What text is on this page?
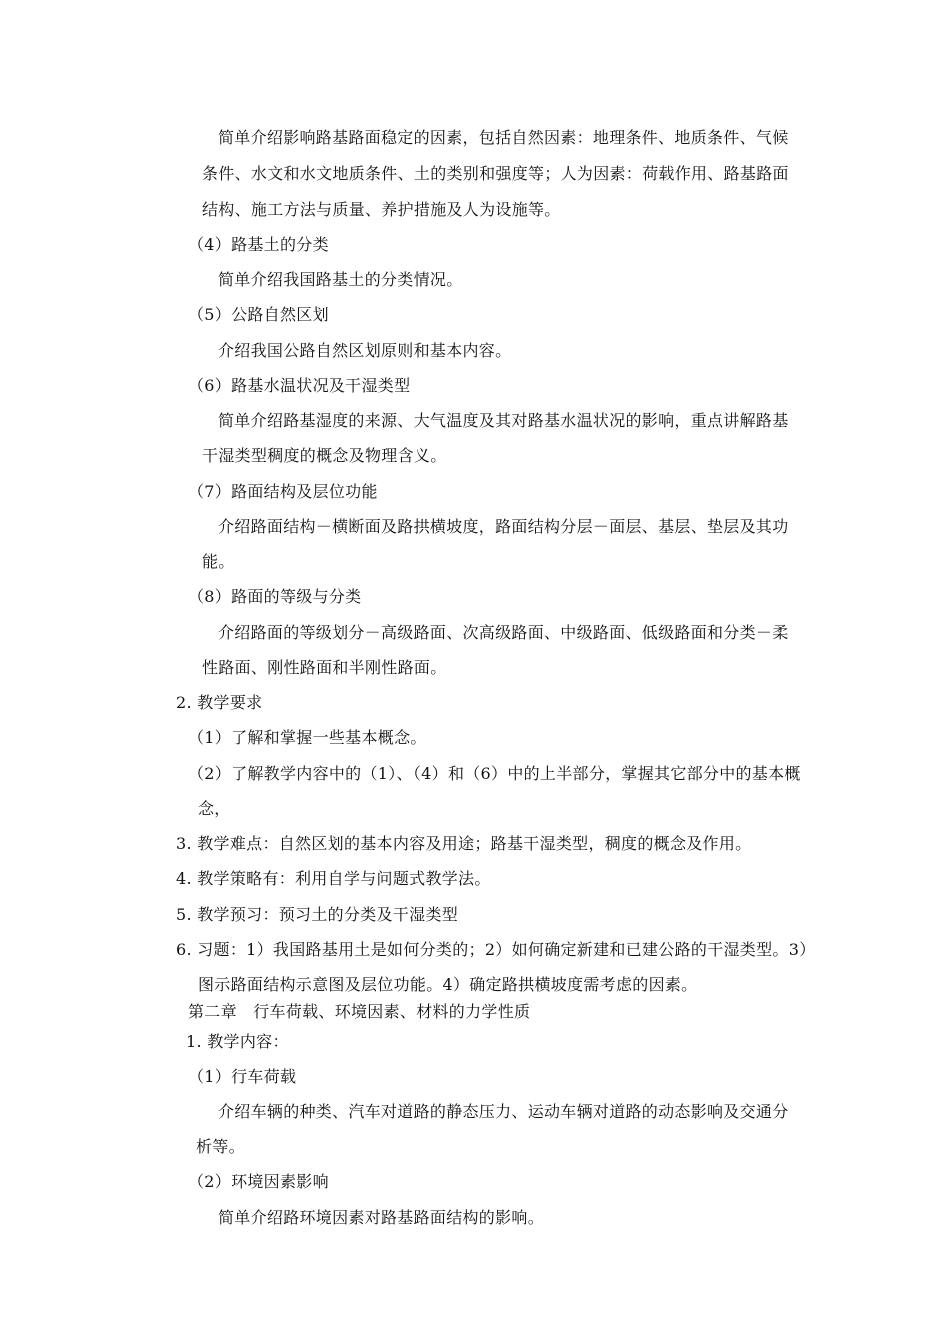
简单介绍影响路基路面稳定的因素，包括自然因素：地理条件、地质条件、气候
条件、水文和水文地质条件、土的类别和强度等；人为因素：荷载作用、路基路面
结构、施工方法与质量、养护措施及人为设施等。
（4）路基土的分类
简单介绍我国路基土的分类情况。
（5）公路自然区划
介绍我国公路自然区划原则和基本内容。
（6）路基水温状况及干湿类型
简单介绍路基湿度的来源、大气温度及其对路基水温状况的影响，重点讲解路基
干湿类型稠度的概念及物理含义。
（7）路面结构及层位功能
介绍路面结构－横断面及路拱横坡度，路面结构分层－面层、基层、垫层及其功
能。
（8）路面的等级与分类
介绍路面的等级划分－高级路面、次高级路面、中级路面、低级路面和分类－柔
性路面、刚性路面和半刚性路面。
2. 教学要求
（1）了解和掌握一些基本概念。
（2）了解教学内容中的（1）、（4）和（6）中的上半部分，掌握其它部分中的基本概
念，
3. 教学难点：自然区划的基本内容及用途；路基干湿类型，稠度的概念及作用。
4. 教学策略有：利用自学与问题式教学法。
5. 教学预习：预习土的分类及干湿类型
6. 习题：1）我国路基用土是如何分类的；2）如何确定新建和已建公路的干湿类型。3）
图示路面结构示意图及层位功能。4）确定路拱横坡度需考虑的因素。
第二章　行车荷载、环境因素、材料的力学性质
1. 教学内容：
（1）行车荷载
介绍车辆的种类、汽车对道路的静态压力、运动车辆对道路的动态影响及交通分
析等。
（2）环境因素影响
简单介绍路环境因素对路基路面结构的影响。
